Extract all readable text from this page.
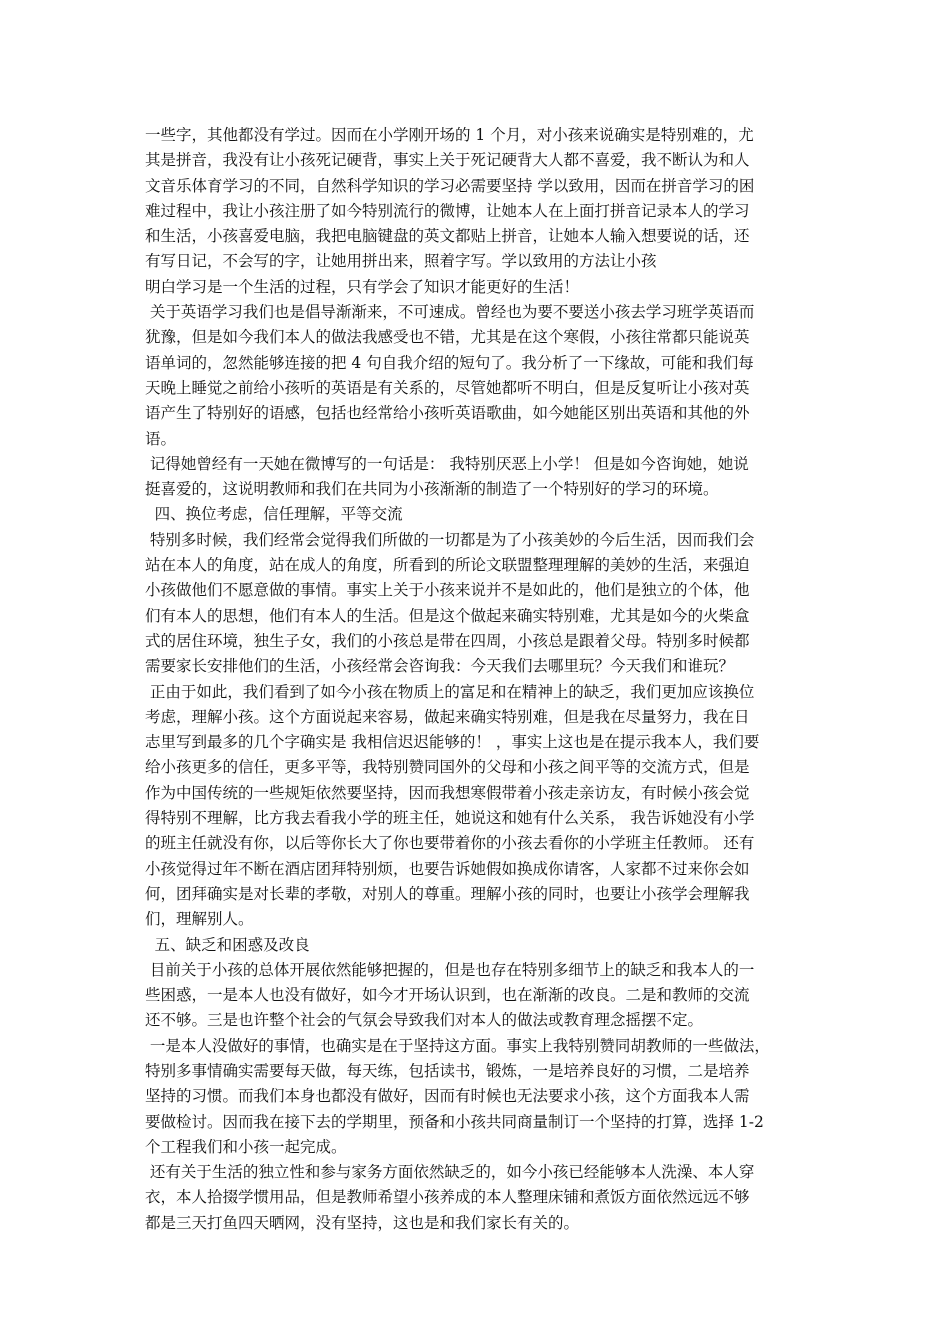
一些字，其他都没有学过。因而在小学刚开场的 1 个月，对小孩来说确实是特别难的，尤
其是拼音，我没有让小孩死记硬背，事实上关于死记硬背大人都不喜爱，我不断认为和人
文音乐体育学习的不同，自然科学知识的学习必需要坚持 学以致用，因而在拼音学习的困
难过程中，我让小孩注册了如今特别流行的微博，让她本人在上面打拼音记录本人的学习
和生活，小孩喜爱电脑，我把电脑键盘的英文都贴上拼音，让她本人输入想要说的话，还
有写日记，不会写的字，让她用拼出来，照着字写。学以致用的方法让小孩
明白学习是一个生活的过程，只有学会了知识才能更好的生活！
关于英语学习我们也是倡导渐渐来，不可速成。曾经也为要不要送小孩去学习班学英语而
犹豫，但是如今我们本人的做法我感受也不错，尤其是在这个寒假，小孩往常都只能说英
语单词的，忽然能够连接的把 4 句自我介绍的短句了。我分析了一下缘故，可能和我们每
天晚上睡觉之前给小孩听的英语是有关系的，尽管她都听不明白，但是反复听让小孩对英
语产生了特别好的语感，包括也经常给小孩听英语歌曲，如今她能区别出英语和其他的外
语。
记得她曾经有一天她在微博写的一句话是： 我特别厌恶上小学！ 但是如今咨询她，她说
挺喜爱的，这说明教师和我们在共同为小孩渐渐的制造了一个特别好的学习的环境。
四、换位考虑，信任理解，平等交流
特别多时候，我们经常会觉得我们所做的一切都是为了小孩美妙的今后生活，因而我们会
站在本人的角度，站在成人的角度，所看到的所论文联盟整理理解的美妙的生活，来强迫
小孩做他们不愿意做的事情。事实上关于小孩来说并不是如此的，他们是独立的个体，他
们有本人的思想，他们有本人的生活。但是这个做起来确实特别难，尤其是如今的火柴盒
式的居住环境，独生子女，我们的小孩总是带在四周，小孩总是跟着父母。特别多时候都
需要家长安排他们的生活，小孩经常会咨询我：今天我们去哪里玩？今天我们和谁玩？
正由于如此，我们看到了如今小孩在物质上的富足和在精神上的缺乏，我们更加应该换位
考虑，理解小孩。这个方面说起来容易，做起来确实特别难，但是我在尽量努力，我在日
志里写到最多的几个字确实是 我相信迟迟能够的！ ，事实上这也是在提示我本人，我们要
给小孩更多的信任，更多平等，我特别赞同国外的父母和小孩之间平等的交流方式，但是
作为中国传统的一些规矩依然要坚持，因而我想寒假带着小孩走亲访友，有时候小孩会觉
得特别不理解，比方我去看我小学的班主任，她说这和她有什么关系， 我告诉她没有小学
的班主任就没有你，以后等你长大了你也要带着你的小孩去看你的小学班主任教师。 还有
小孩觉得过年不断在酒店团拜特别烦，也要告诉她假如换成你请客，人家都不过来你会如
何，团拜确实是对长辈的孝敬，对别人的尊重。理解小孩的同时，也要让小孩学会理解我
们，理解别人。
五、缺乏和困惑及改良
目前关于小孩的总体开展依然能够把握的，但是也存在特别多细节上的缺乏和我本人的一
些困惑，一是本人也没有做好，如今才开场认识到，也在渐渐的改良。二是和教师的交流
还不够。三是也许整个社会的气氛会导致我们对本人的做法或教育理念摇摆不定。
一是本人没做好的事情，也确实是在于坚持这方面。事实上我特别赞同胡教师的一些做法，
特别多事情确实需要每天做，每天练，包括读书，锻炼，一是培养良好的习惯，二是培养
坚持的习惯。而我们本身也都没有做好，因而有时候也无法要求小孩，这个方面我本人需
要做检讨。因而我在接下去的学期里，预备和小孩共同商量制订一个坚持的打算，选择 1-2
个工程我们和小孩一起完成。
还有关于生活的独立性和参与家务方面依然缺乏的，如今小孩已经能够本人洗澡、本人穿
衣，本人拾掇学惯用品，但是教师希望小孩养成的本人整理床铺和煮饭方面依然远远不够
都是三天打鱼四天晒网，没有坚持，这也是和我们家长有关的。
